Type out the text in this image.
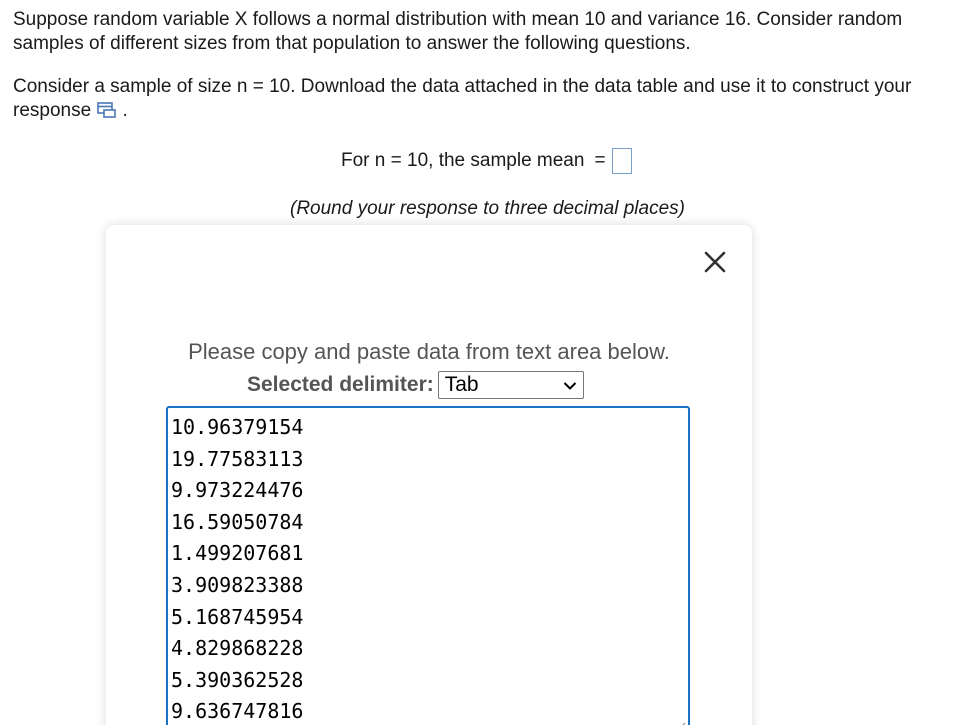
Suppose random variable X follows a normal distribution with mean 10 and variance 16. Consider random samples of different sizes from that population to answer the following questions.
Consider a sample of size n = 10. Download the data attached in the data table and use it to construct your response .
For n = 10, the sample mean =
(Round your response to three decimal places)
Please copy and paste data from text area below.
Selected delimiter: Tab
10.96379154
19.77583113
9.973224476
16.59050784
1.499207681
3.909823388
5.168745954
4.829868228
5.390362528
9.636747816
